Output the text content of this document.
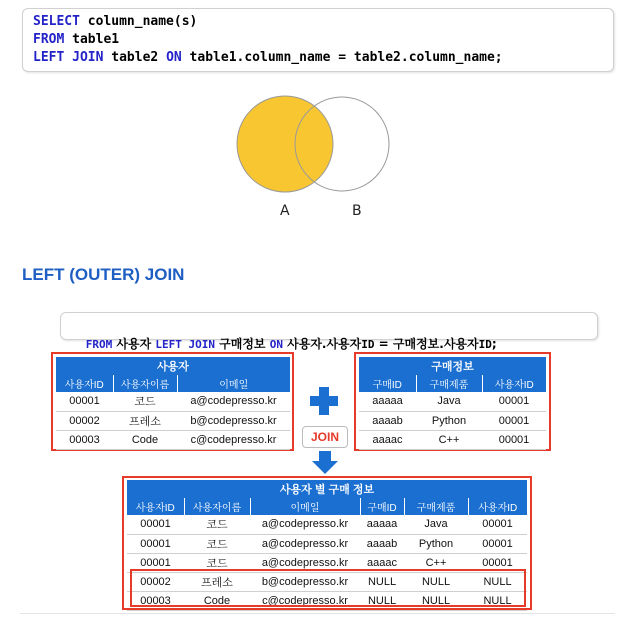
SELECT column_name(s)
FROM table1
LEFT JOIN table2 ON table1.column_name = table2.column_name;
A	B
LEFT (OUTER) JOIN

FROM 사용자 LEFT JOIN 구매정보 ON 사용자.사용자ID = 구매정보.사용자ID;

사용자		
사용자ID	사용자이름	이메일
00001	코드	a@codepresso.kr
00002	프레소	b@codepresso.kr
00003	Code	c@codepresso.kr
구매정보		
구매ID	구매제품	사용자ID
aaaaa	Java	00001
aaaab	Python	00001
aaaac	C++	00001
JOIN
사용자 별 구매 정보					
사용자ID	사용자이름	이메일	구매ID	구매제품	사용자ID
00001	코드	a@codepresso.kr	aaaaa	Java	00001
00001	코드	a@codepresso.kr	aaaab	Python	00001
00001	코드	a@codepresso.kr	aaaac	C++	00001
00002	프레소	b@codepresso.kr	NULL	NULL	NULL
00003	Code	c@codepresso.kr	NULL	NULL	NULL
